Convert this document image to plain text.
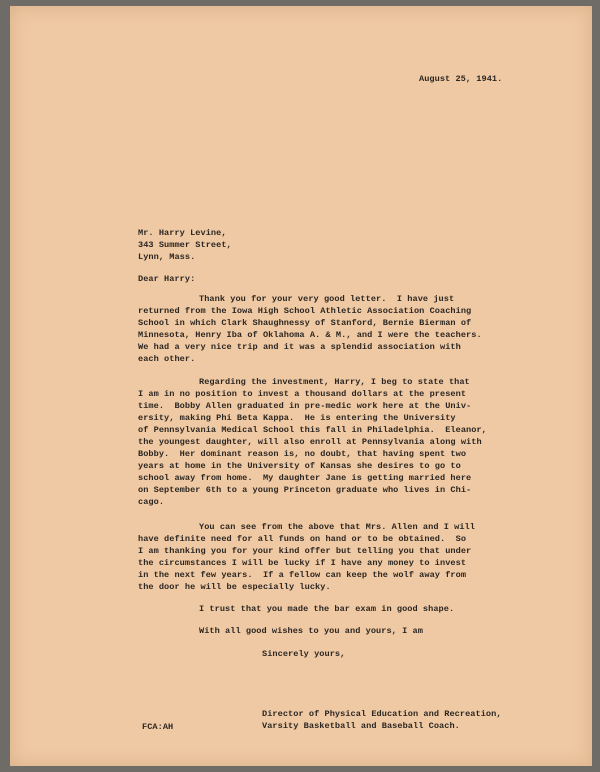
August 25, 1941.
Mr. Harry Levine,
343 Summer Street,
Lynn, Mass.
Dear Harry:
Thank you for your very good letter.  I have just
returned from the Iowa High School Athletic Association Coaching
School in which Clark Shaughnessy of Stanford, Bernie Bierman of
Minnesota, Henry Iba of Oklahoma A. & M., and I were the teachers.
We had a very nice trip and it was a splendid association with
each other.
Regarding the investment, Harry, I beg to state that
I am in no position to invest a thousand dollars at the present
time.  Bobby Allen graduated in pre-medic work here at the Univ-
ersity, making Phi Beta Kappa.  He is entering the University
of Pennsylvania Medical School this fall in Philadelphia.  Eleanor,
the youngest daughter, will also enroll at Pennsylvania along with
Bobby.  Her dominant reason is, no doubt, that having spent two
years at home in the University of Kansas she desires to go to
school away from home.  My daughter Jane is getting married here
on September 6th to a young Princeton graduate who lives in Chi-
cago.
You can see from the above that Mrs. Allen and I will
have definite need for all funds on hand or to be obtained.  So
I am thanking you for your kind offer but telling you that under
the circumstances I will be lucky if I have any money to invest
in the next few years.  If a fellow can keep the wolf away from
the door he will be especially lucky.
I trust that you made the bar exam in good shape.
With all good wishes to you and yours, I am
Sincerely yours,
Director of Physical Education and Recreation,
Varsity Basketball and Baseball Coach.
FCA:AH
